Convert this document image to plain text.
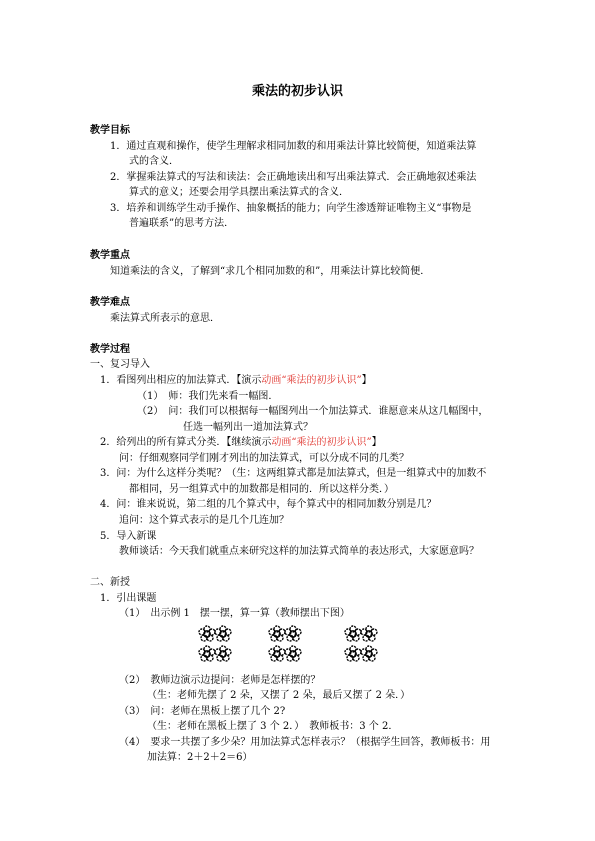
乘法的初步认识
教学目标
1．通过直观和操作，使学生理解求相同加数的和用乘法计算比较简便，知道乘法算
式的含义．
2．掌握乘法算式的写法和读法：会正确地读出和写出乘法算式．会正确地叙述乘法
算式的意义；还要会用学具摆出乘法算式的含义．
3．培养和训练学生动手操作、抽象概括的能力；向学生渗透辩证唯物主义“事物是
普遍联系”的思考方法．
教学重点
知道乘法的含义，了解到“求几个相同加数的和”，用乘法计算比较简便．
教学难点
乘法算式所表示的意思．
教学过程
一、复习导入
1．看图列出相应的加法算式．【演示动画“乘法的初步认识”】
（1）　师：我们先来看一幅图．
（2）　问：我们可以根据每一幅图列出一个加法算式．谁愿意来从这几幅图中，
任选一幅列出一道加法算式？
2．给列出的所有算式分类．【继续演示动画“乘法的初步认识”】
问：仔细观察同学们刚才列出的加法算式，可以分成不同的几类？
3．问：为什么这样分类呢？（生：这两组算式都是加法算式，但是一组算式中的加数不
都相同，另一组算式中的加数都是相同的．所以这样分类．）
4．问：谁来说说，第二组的几个算式中，每个算式中的相同加数分别是几？
追问：这个算式表示的是几个几连加？
5．导入新课
教师谈话：今天我们就重点来研究这样的加法算式简单的表达形式，大家愿意吗？
二、新授
1．引出课题
（1）　出示例 1　摆一摆，算一算（教师摆出下图）
（2）　教师边演示边提问：老师是怎样摆的？
（生：老师先摆了 2 朵，又摆了 2 朵，最后又摆了 2 朵．）
（3）　问：老师在黑板上摆了几个 2?
（生：老师在黑板上摆了 3 个 2．）　教师板书：3 个 2．
（4）　要求一共摆了多少朵？用加法算式怎样表示？（根据学生回答，教师板书：用
加法算：2＋2＋2＝6）
